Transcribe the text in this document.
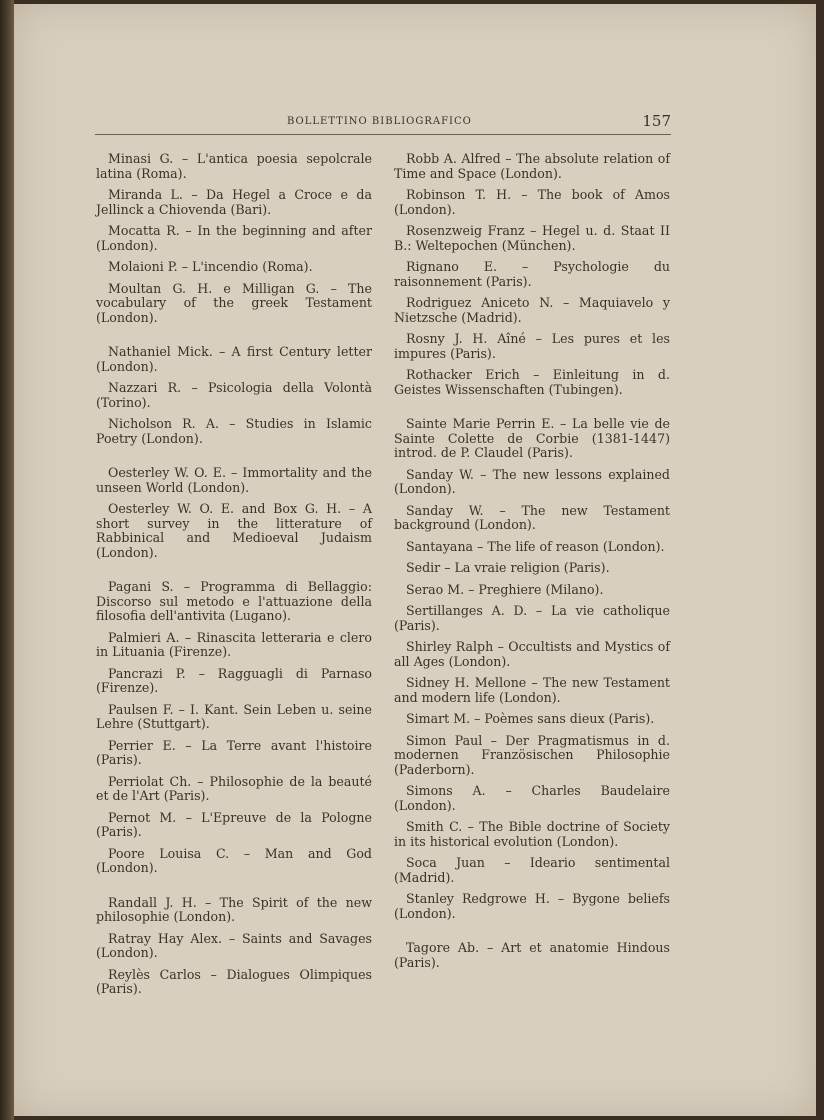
BOLLETTINO BIBLIOGRAFICO	157

Minasi G. – L'antica poesia sepolcrale latina (Roma).

Miranda L. – Da Hegel a Croce e da Jellinck a Chiovenda (Bari).

Mocatta R. – In the beginning and after (London).

Molaioni P. – L'incendio (Roma).

Moultan G. H. e Milligan G. – The vocabulary of the greek Testament (London).

Nathaniel Mick. – A first Century letter (London).

Nazzari R. – Psicologia della Volontà (Torino).

Nicholson R. A. – Studies in Islamic Poetry (London).

Oesterley W. O. E. – Immortality and the unseen World (London).

Oesterley W. O. E. and Box G. H. – A short survey in the litterature of Rabbinical and Medioeval Judaism (London).

Pagani S. – Programma di Bellaggio: Discorso sul metodo e l'attuazione della filosofia dell'antivita (Lugano).

Palmieri A. – Rinascita letteraria e clero in Lituania (Firenze).

Pancrazi P. – Ragguagli di Parnaso (Firenze).

Paulsen F. – I. Kant. Sein Leben u. seine Lehre (Stuttgart).

Perrier E. – La Terre avant l'histoire (Paris).

Perriolat Ch. – Philosophie de la beauté et de l'Art (Paris).

Pernot M. – L'Epreuve de la Pologne (Paris).

Poore Louisa C. – Man and God (London).

Randall J. H. – The Spirit of the new philosophie (London).

Ratray Hay Alex. – Saints and Savages (London).

Reylès Carlos – Dialogues Olimpiques (Paris).

Robb A. Alfred – The absolute relation of Time and Space (London).

Robinson T. H. – The book of Amos (London).

Rosenzweig Franz – Hegel u. d. Staat II B.: Weltepochen (München).

Rignano E. – Psychologie du raisonnement (Paris).

Rodriguez Aniceto N. – Maquiavelo y Nietzsche (Madrid).

Rosny J. H. Aîné – Les pures et les impures (Paris).

Rothacker Erich – Einleitung in d. Geistes Wissenschaften (Tubingen).

Sainte Marie Perrin E. – La belle vie de Sainte Colette de Corbie (1381-1447) introd. de P. Claudel (Paris).

Sanday W. – The new lessons explained (London).

Sanday W. – The new Testament background (London).

Santayana – The life of reason (London).

Sedir – La vraie religion (Paris).

Serao M. – Preghiere (Milano).

Sertillanges A. D. – La vie catholique (Paris).

Shirley Ralph – Occultists and Mystics of all Ages (London).

Sidney H. Mellone – The new Testament and modern life (London).

Simart M. – Poèmes sans dieux (Paris).

Simon Paul – Der Pragmatismus in d. modernen Französischen Philosophie (Paderborn).

Simons A. – Charles Baudelaire (London).

Smith C. – The Bible doctrine of Society in its historical evolution (London).

Soca Juan – Ideario sentimental (Madrid).

Stanley Redgrowe H. – Bygone beliefs (London).

Tagore Ab. – Art et anatomie Hindous (Paris).
